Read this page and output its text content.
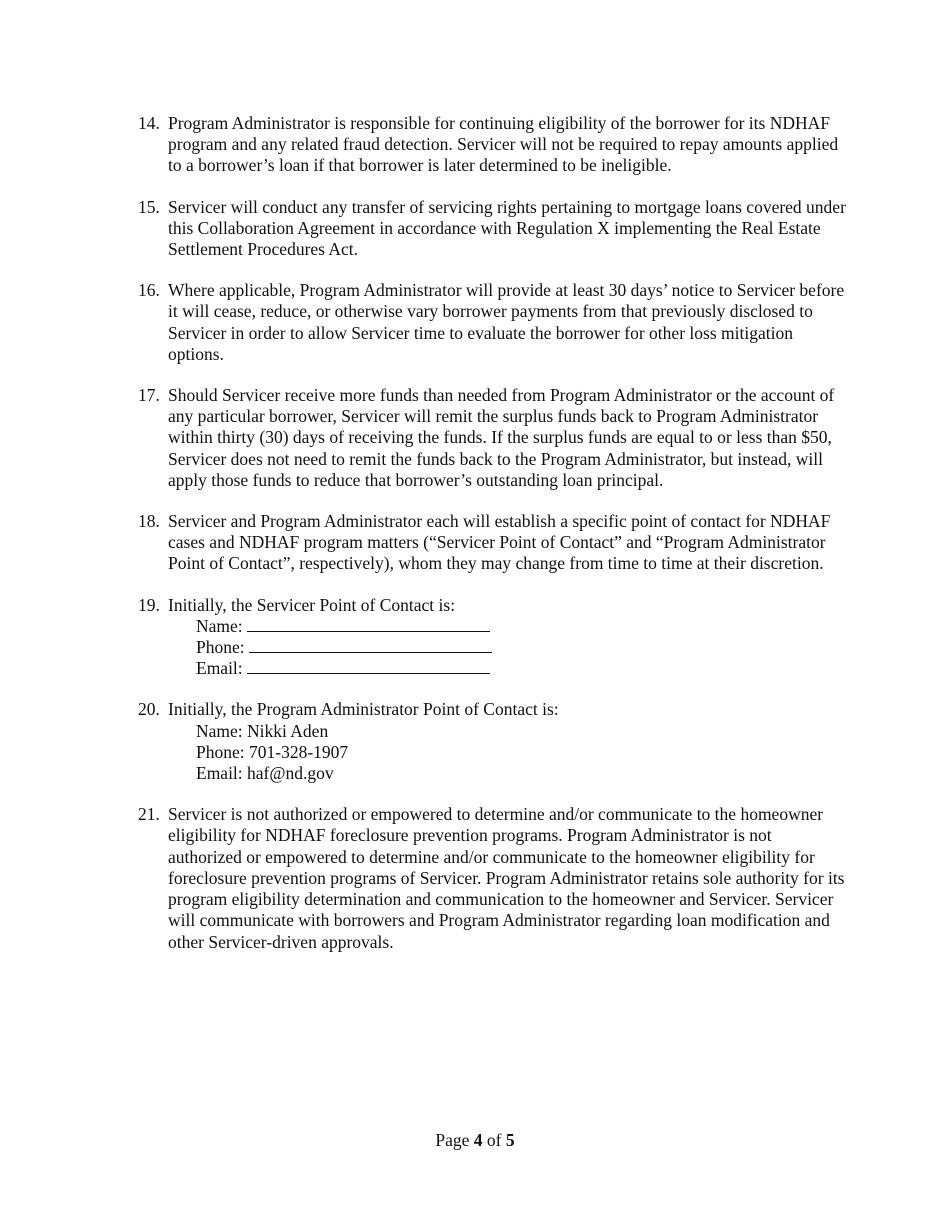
14. Program Administrator is responsible for continuing eligibility of the borrower for its NDHAF program and any related fraud detection. Servicer will not be required to repay amounts applied to a borrower’s loan if that borrower is later determined to be ineligible.
15. Servicer will conduct any transfer of servicing rights pertaining to mortgage loans covered under this Collaboration Agreement in accordance with Regulation X implementing the Real Estate Settlement Procedures Act.
16. Where applicable, Program Administrator will provide at least 30 days’ notice to Servicer before it will cease, reduce, or otherwise vary borrower payments from that previously disclosed to Servicer in order to allow Servicer time to evaluate the borrower for other loss mitigation options.
17. Should Servicer receive more funds than needed from Program Administrator or the account of any particular borrower, Servicer will remit the surplus funds back to Program Administrator within thirty (30) days of receiving the funds. If the surplus funds are equal to or less than $50, Servicer does not need to remit the funds back to the Program Administrator, but instead, will apply those funds to reduce that borrower’s outstanding loan principal.
18. Servicer and Program Administrator each will establish a specific point of contact for NDHAF cases and NDHAF program matters (“Servicer Point of Contact” and “Program Administrator Point of Contact”, respectively), whom they may change from time to time at their discretion.
19. Initially, the Servicer Point of Contact is:
Name:
Phone:
Email:
20. Initially, the Program Administrator Point of Contact is:
Name: Nikki Aden
Phone: 701-328-1907
Email: haf@nd.gov
21. Servicer is not authorized or empowered to determine and/or communicate to the homeowner eligibility for NDHAF foreclosure prevention programs. Program Administrator is not authorized or empowered to determine and/or communicate to the homeowner eligibility for foreclosure prevention programs of Servicer. Program Administrator retains sole authority for its program eligibility determination and communication to the homeowner and Servicer. Servicer will communicate with borrowers and Program Administrator regarding loan modification and other Servicer-driven approvals.
Page 4 of 5
